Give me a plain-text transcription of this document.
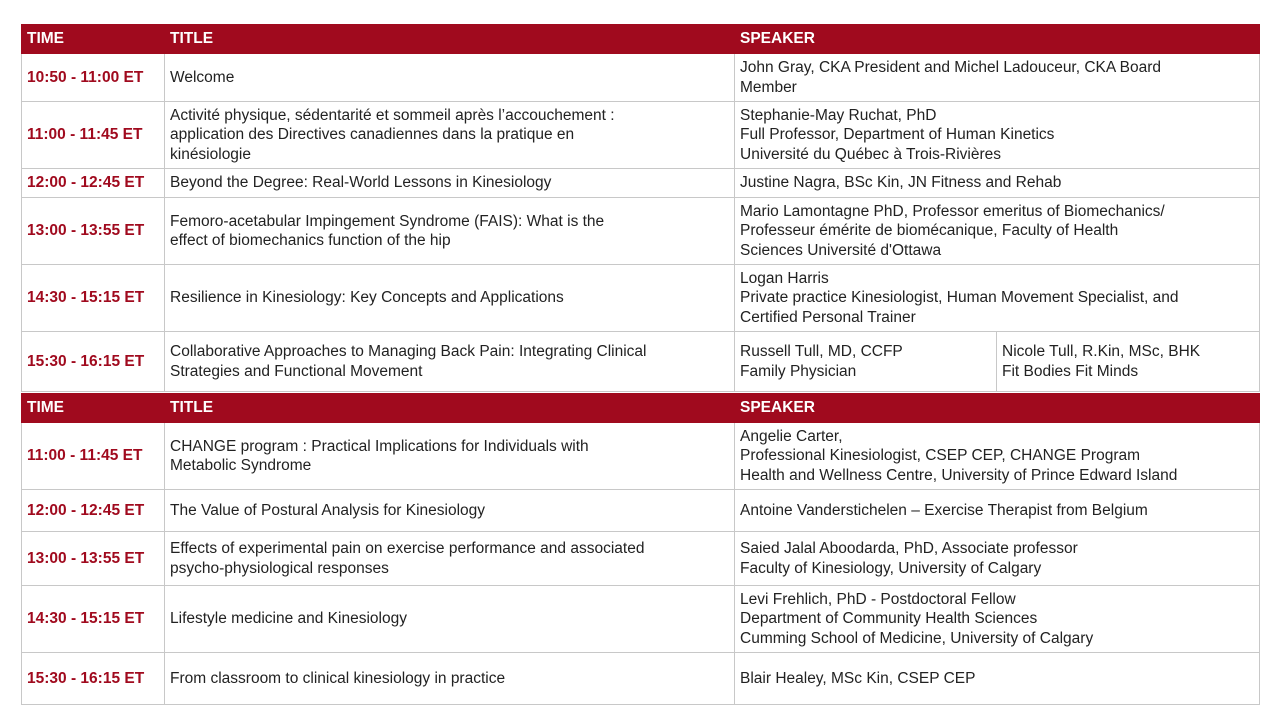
TIME	TITLE	SPEAKER	
10:50 - 11:00 ET	Welcome	John Gray, CKA President and Michel Ladouceur, CKA Board
Member	

11:00 - 11:45 ET	Activité physique, sédentarité et sommeil après l’accouchement :
application des Directives canadiennes dans la pratique en
kinésiologie	Stephanie-May Ruchat, PhD
Full Professor, Department of Human Kinetics
Université du Québec à Trois-Rivières	

12:00 - 12:45 ET	Beyond the Degree: Real-World Lessons in Kinesiology	Justine Nagra, BSc Kin, JN Fitness and Rehab	

13:00 - 13:55 ET	Femoro-acetabular Impingement Syndrome (FAIS): What is the
effect of biomechanics function of the hip	Mario Lamontagne PhD, Professor emeritus of Biomechanics/
Professeur émérite de biomécanique, Faculty of Health
Sciences Université d'Ottawa	

14:30 - 15:15 ET	Resilience in Kinesiology: Key Concepts and Applications	Logan Harris
Private practice Kinesiologist, Human Movement Specialist, and
Certified Personal Trainer	

15:30 - 16:15 ET	Collaborative Approaches to Managing Back Pain: Integrating Clinical
Strategies and Functional Movement	Russell Tull, MD, CCFP
Family Physician	Nicole Tull, R.Kin, MSc, BHK
Fit Bodies Fit Minds
TIME	TITLE	SPEAKER
11:00 - 11:45 ET	CHANGE program : Practical Implications for Individuals with
Metabolic Syndrome	Angelie Carter,
Professional Kinesiologist, CSEP CEP, CHANGE Program
Health and Wellness Centre, University of Prince Edward Island

12:00 - 12:45 ET	The Value of Postural Analysis for Kinesiology	Antoine Vanderstichelen – Exercise Therapist from Belgium

13:00 - 13:55 ET	Effects of experimental pain on exercise performance and associated
psycho-physiological responses	Saied Jalal Aboodarda, PhD, Associate professor
Faculty of Kinesiology, University of Calgary

14:30 - 15:15 ET	Lifestyle medicine and Kinesiology	Levi Frehlich, PhD - Postdoctoral Fellow
Department of Community Health Sciences
Cumming School of Medicine, University of Calgary

15:30 - 16:15 ET	From classroom to clinical kinesiology in practice	Blair Healey, MSc Kin, CSEP CEP
